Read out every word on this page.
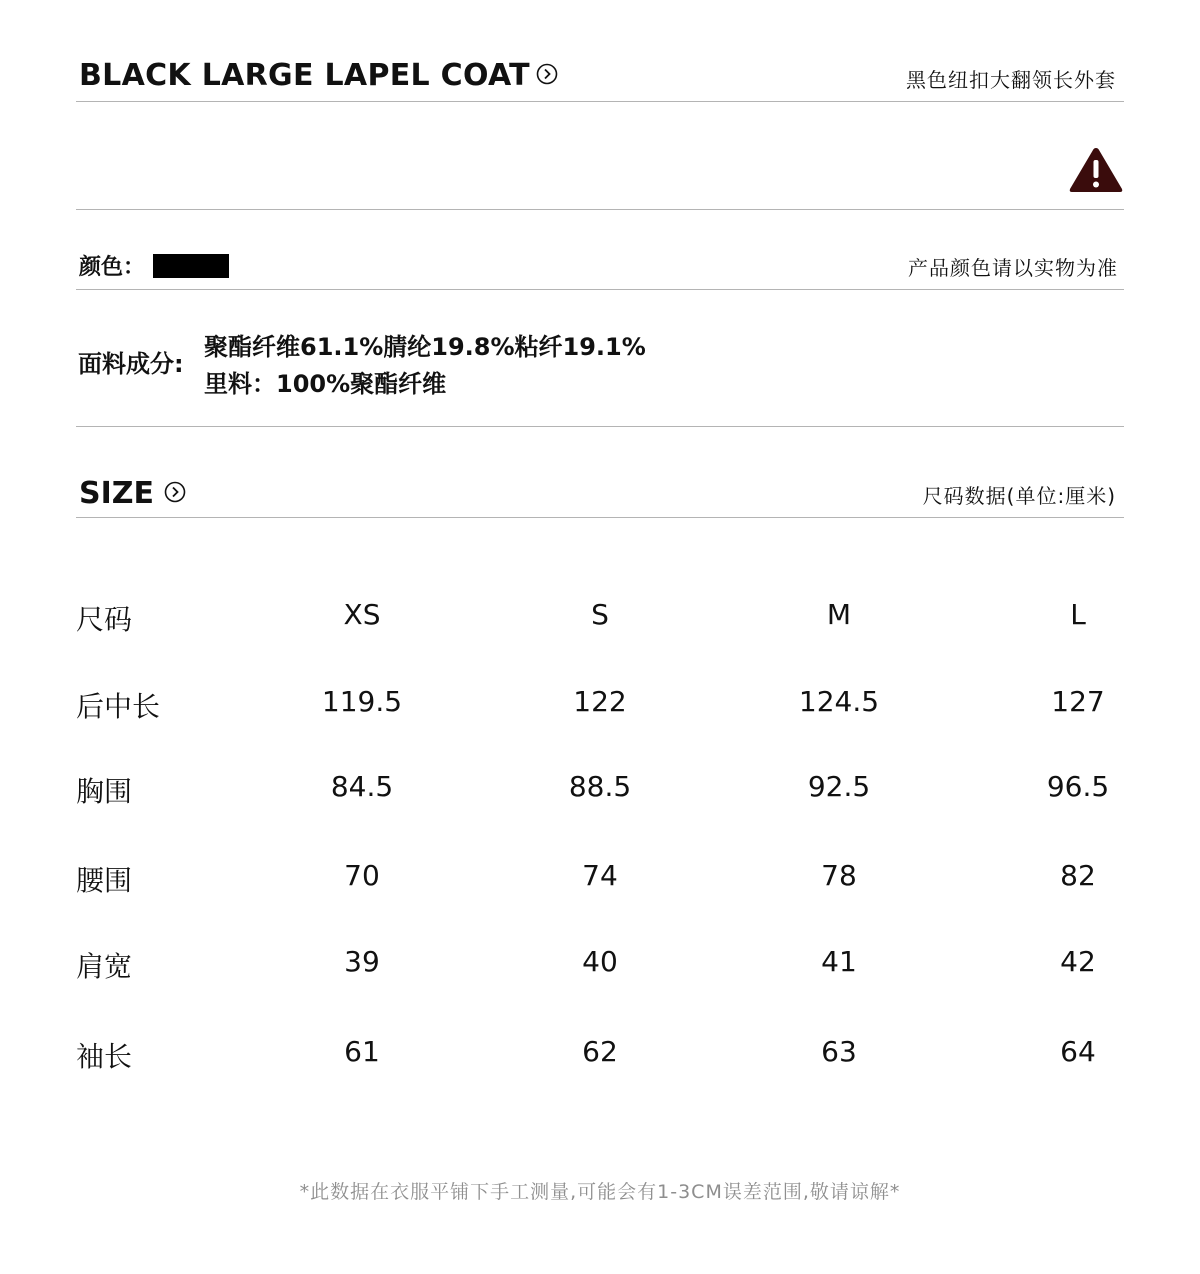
BLACK LARGE LAPEL COAT	黑色纽扣大翻领长外套
颜色：	产品颜色请以实物为准
面料成分:
聚酯纤维61.1%腈纶19.8%粘纤19.1%
里料：100%聚酯纤维
SIZE	尺码数据(单位:厘米)
尺码	XS	S	M	L
后中长	119.5	122	124.5	127
胸围	84.5	88.5	92.5	96.5
腰围	70	74	78	82
肩宽	39	40	41	42
袖长	61	62	63	64
*此数据在衣服平铺下手工测量,可能会有1-3CM误差范围,敬请谅解*
